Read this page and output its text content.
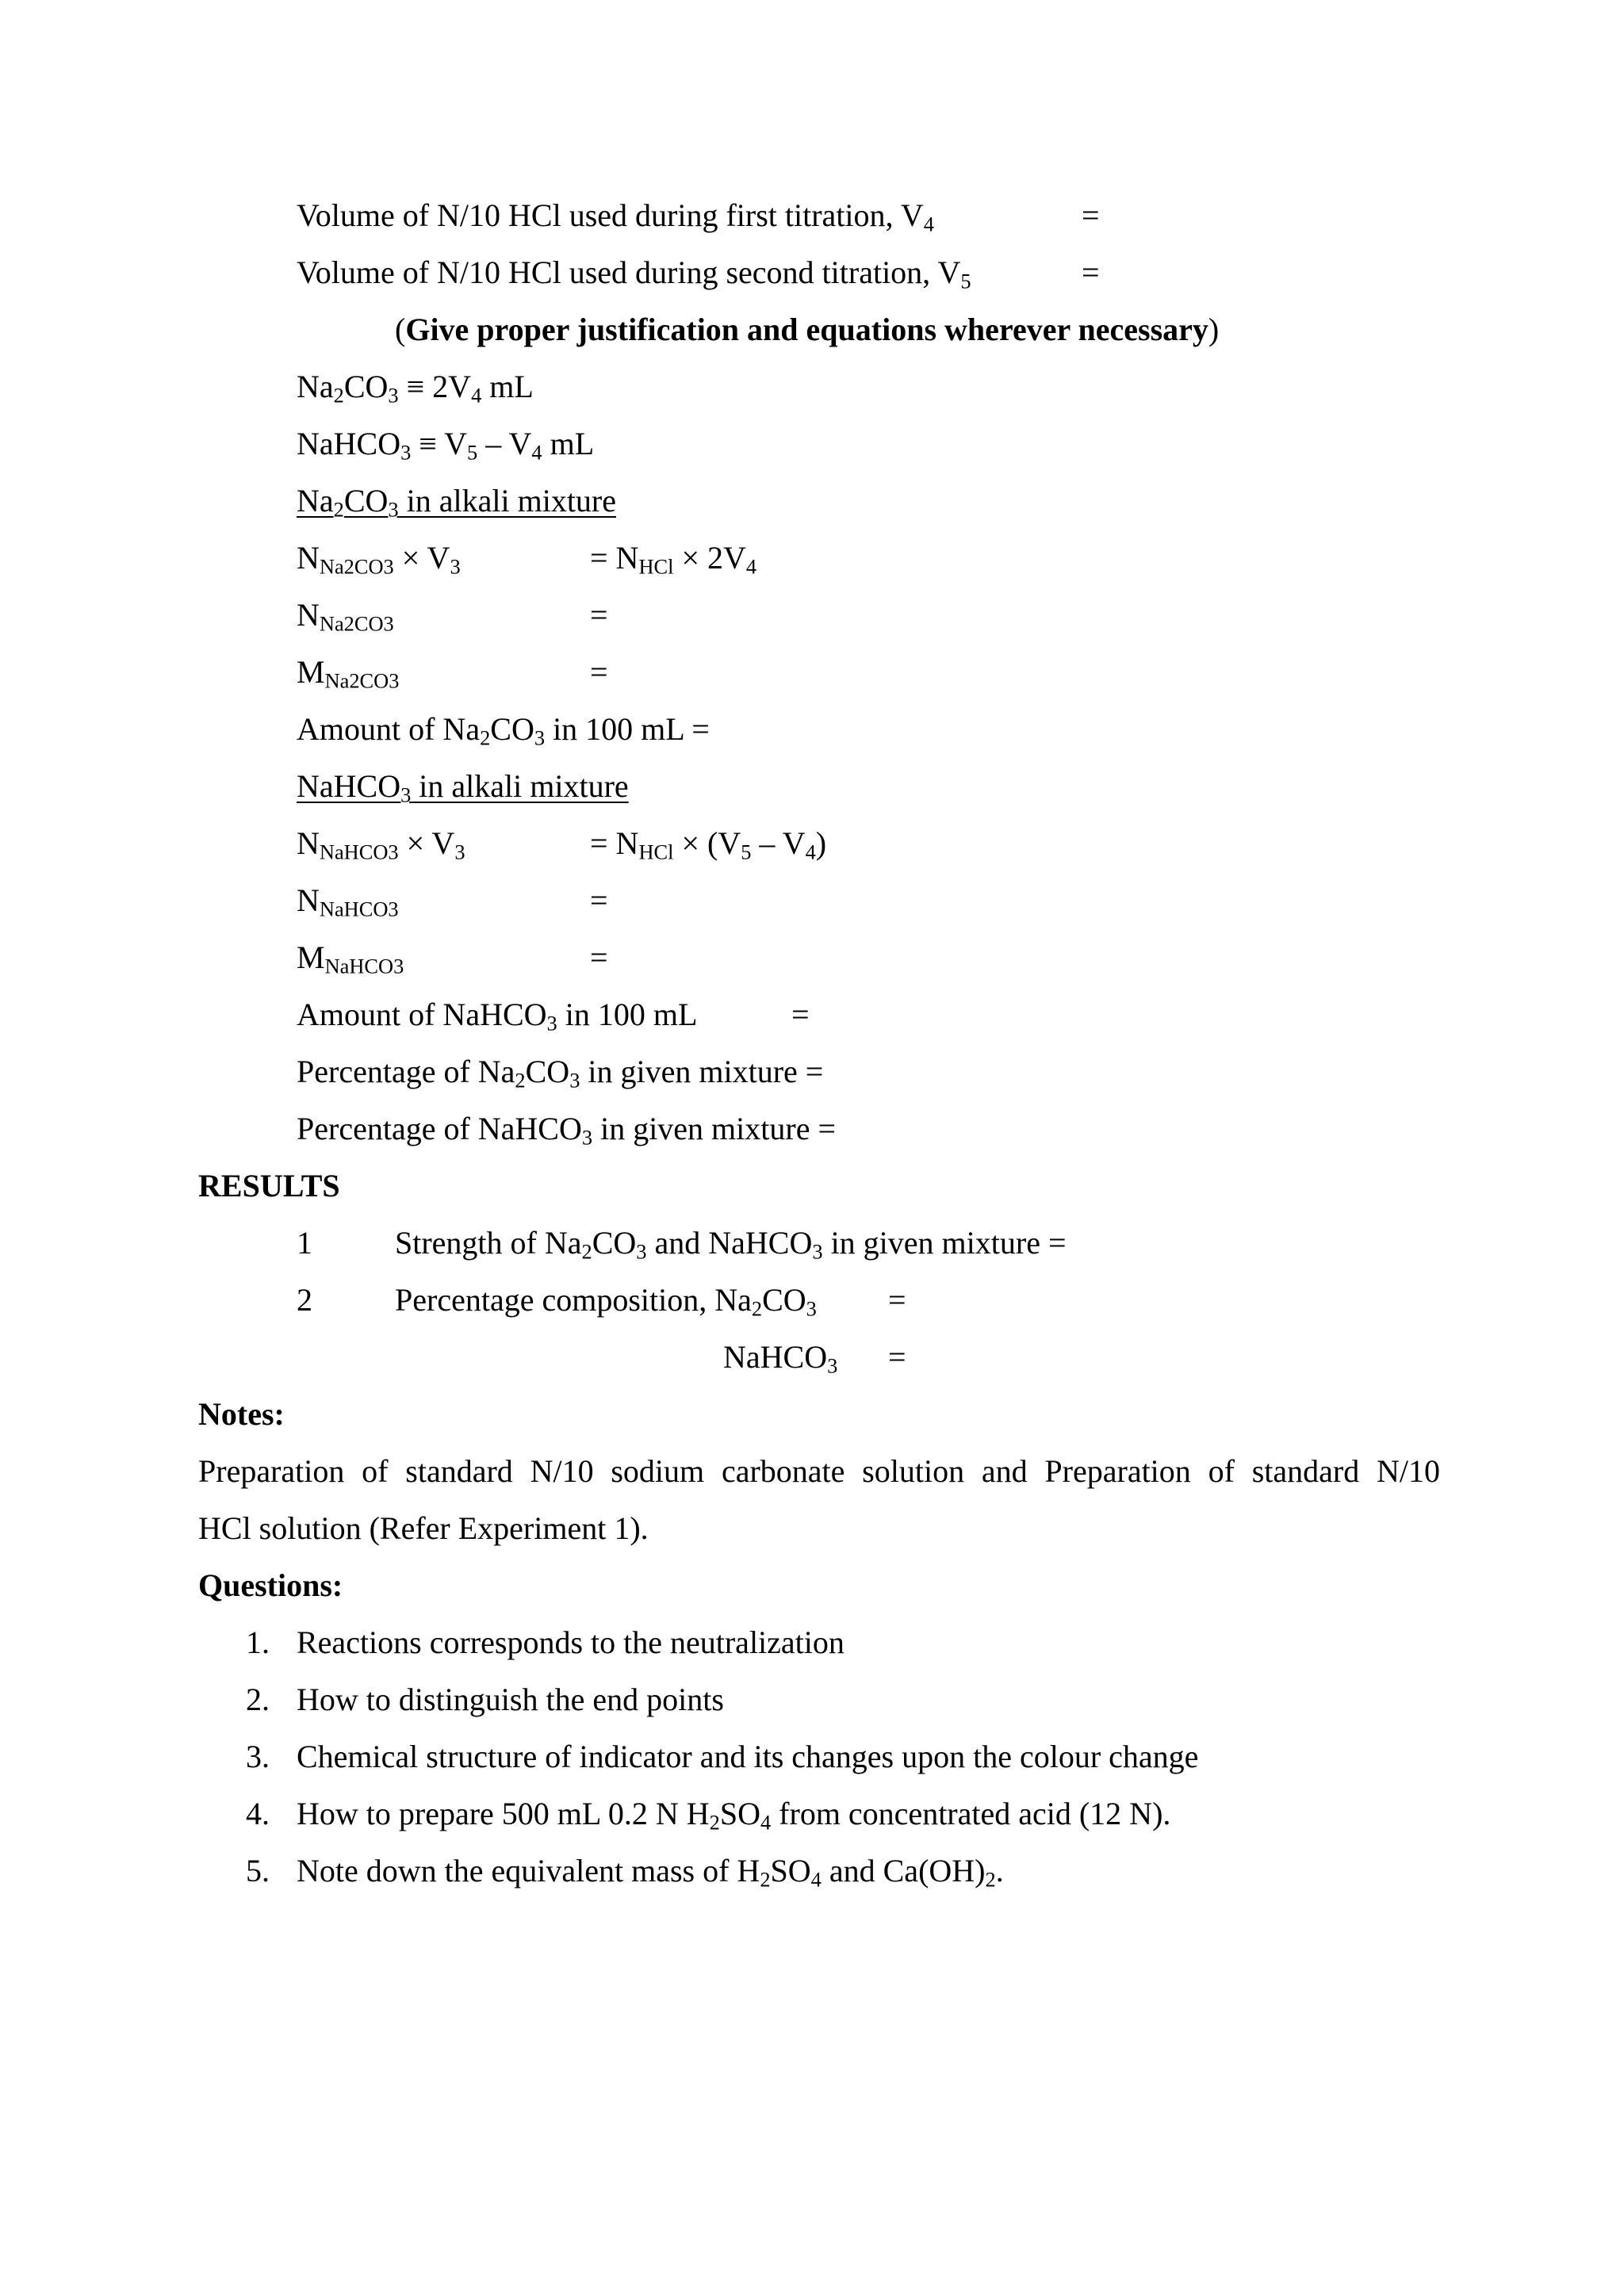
Volume of N/10 HCl used during first titration, $V_4$	=
Volume of N/10 HCl used during second titration, $V_5$	=
(Give proper justification and equations wherever necessary)
$Na_2CO_3 \equiv 2V_4$ mL
NaHCO$_3$ ≡ $V_5 - V_4$ mL
$Na_2CO_3$ in alkali mixture
$N_{Na2CO3} \times V_3$	= $N_{HCl} \times 2V_4$
$N_{Na2CO3}$	=
$M_{Na2CO3}$	=
Amount of $Na_2CO_3$ in 100 mL =
NaHCO$_3$ in alkali mixture
$N_{NaHCO3} \times V_3$	= $N_{HCl} \times (V_5 - V_4)$
$N_{NaHCO3}$	=
$M_{NaHCO3}$	=
Amount of NaHCO$_3$ in 100 mL	=
Percentage of $Na_2CO_3$ in given mixture =
Percentage of NaHCO$_3$ in given mixture =
RESULTS
1	Strength of $Na_2CO_3$ and NaHCO$_3$ in given mixture =
2	Percentage composition, $Na_2CO_3$ =
NaHCO$_3$ =
Notes:
Preparation of standard N/10 sodium carbonate solution and Preparation of standard N/10
HCl solution (Refer Experiment 1).
Questions:
1. Reactions corresponds to the neutralization
2. How to distinguish the end points
3. Chemical structure of indicator and its changes upon the colour change
4. How to prepare 500 mL 0.2 N $H_2SO_4$ from concentrated acid (12 N).
5. Note down the equivalent mass of $H_2SO_4$ and $Ca(OH)_2$.
